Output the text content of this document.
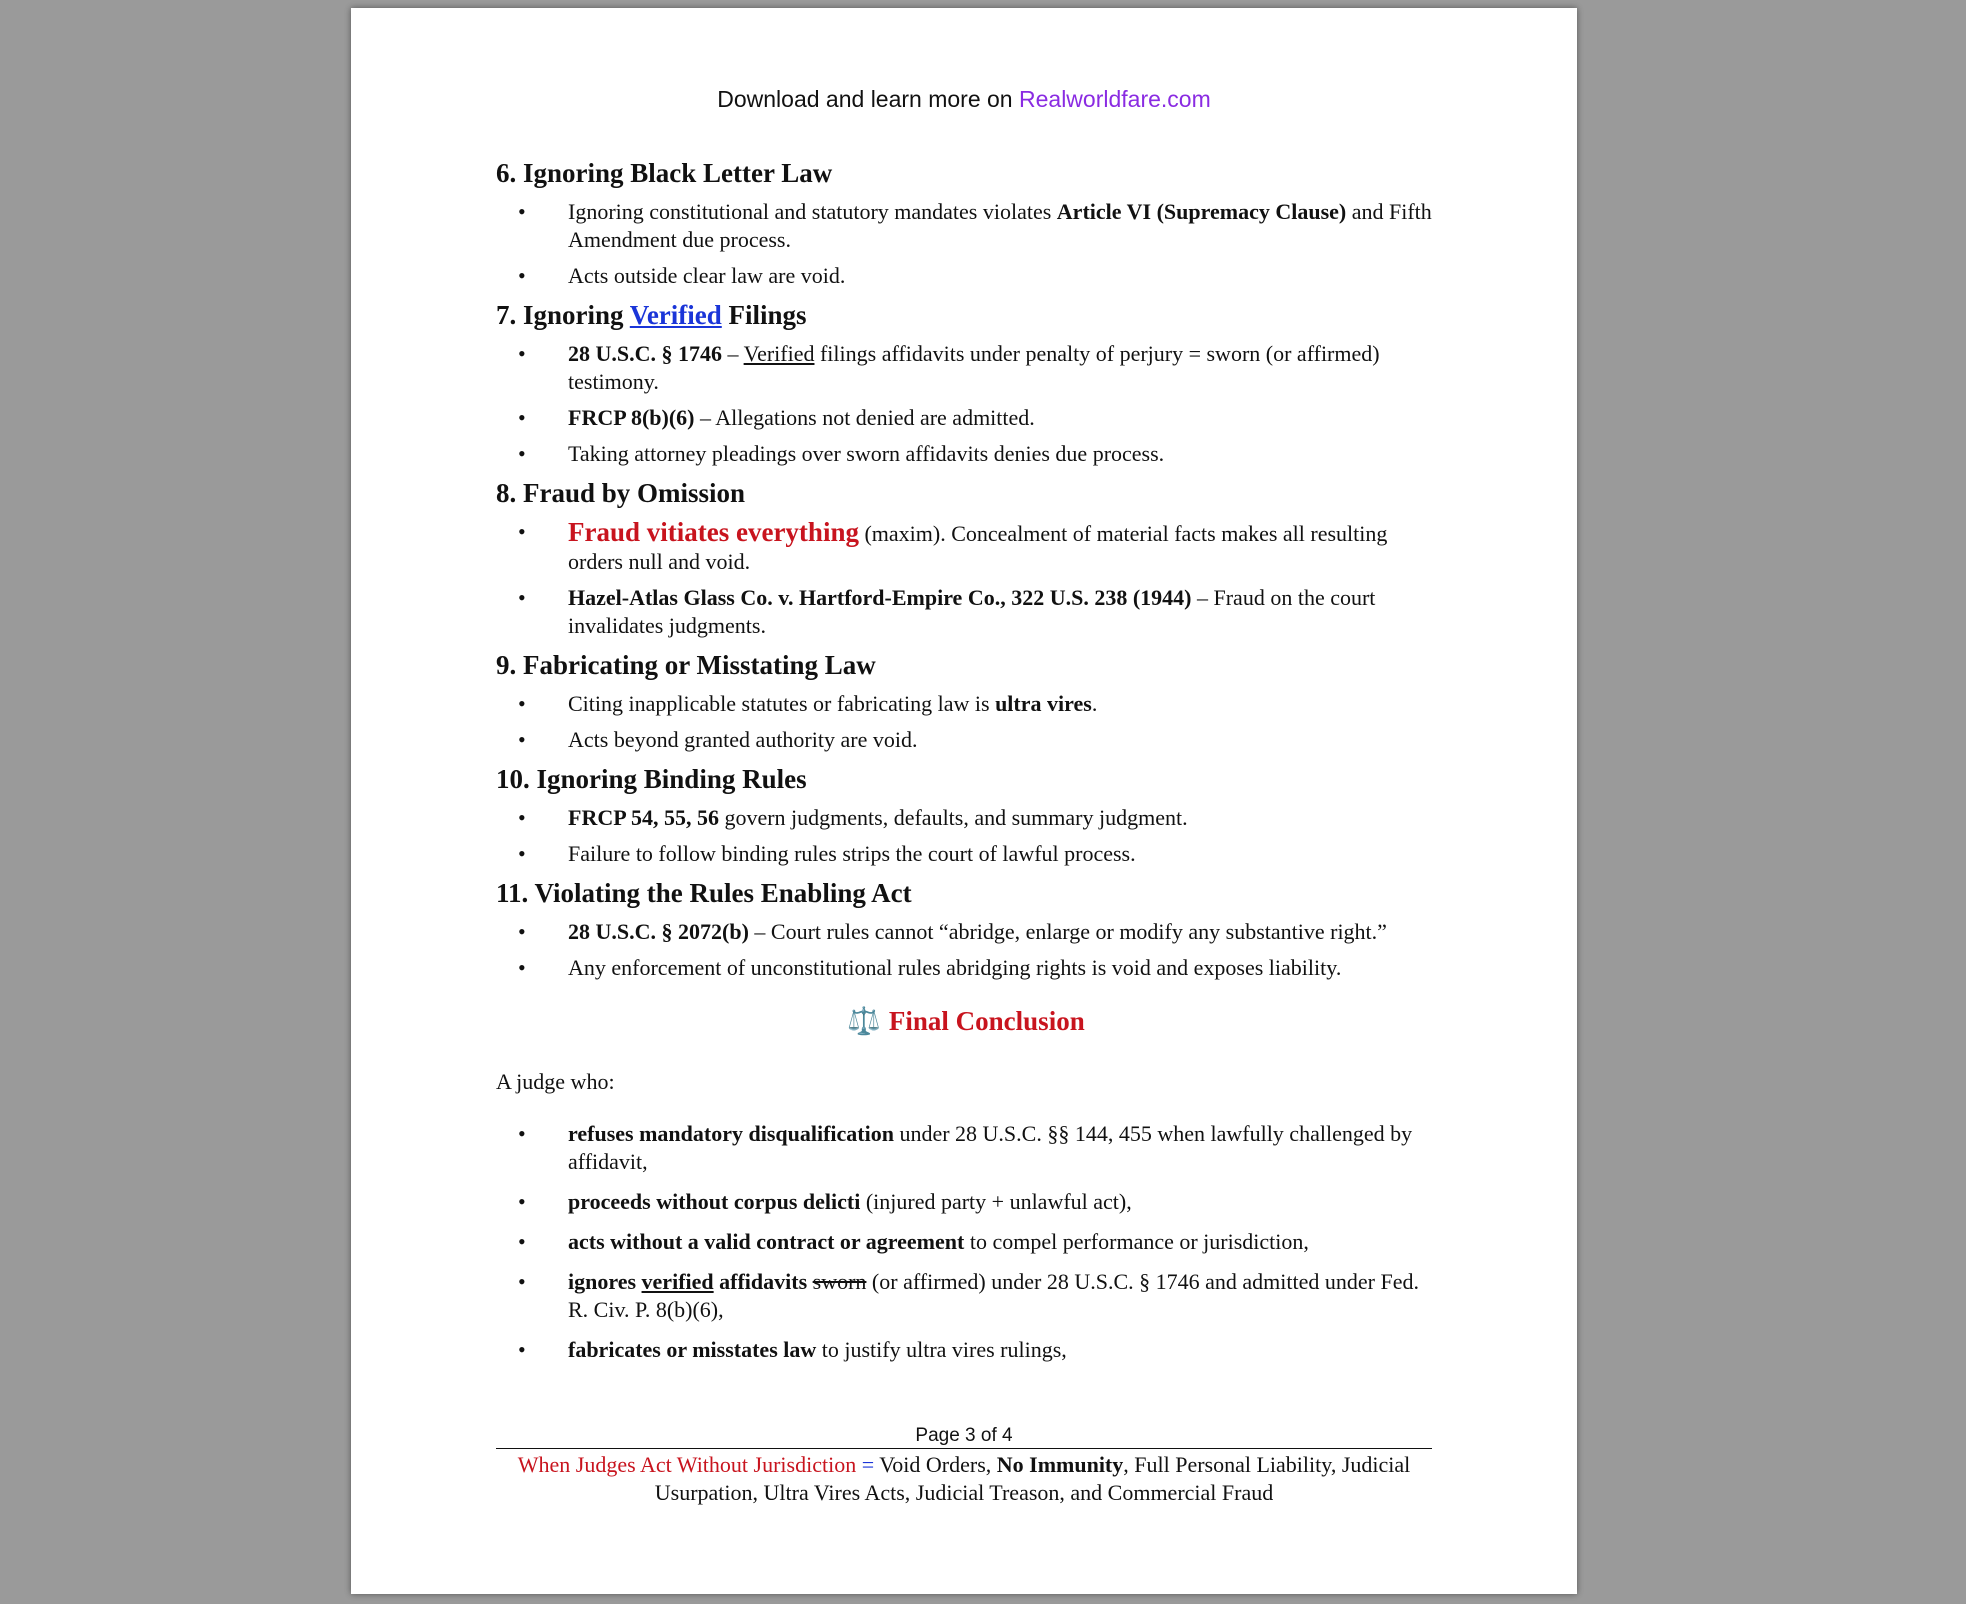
Download and learn more on Realworldfare.com
6. Ignoring Black Letter Law
• Ignoring constitutional and statutory mandates violates Article VI (Supremacy Clause) and Fifth Amendment due process.
• Acts outside clear law are void.
7. Ignoring Verified Filings
• 28 U.S.C. § 1746 – Verified filings affidavits under penalty of perjury = sworn (or affirmed) testimony.
• FRCP 8(b)(6) – Allegations not denied are admitted.
• Taking attorney pleadings over sworn affidavits denies due process.
8. Fraud by Omission
• Fraud vitiates everything (maxim). Concealment of material facts makes all resulting orders null and void.
• Hazel-Atlas Glass Co. v. Hartford-Empire Co., 322 U.S. 238 (1944) – Fraud on the court invalidates judgments.
9. Fabricating or Misstating Law
• Citing inapplicable statutes or fabricating law is ultra vires.
• Acts beyond granted authority are void.
10. Ignoring Binding Rules
• FRCP 54, 55, 56 govern judgments, defaults, and summary judgment.
• Failure to follow binding rules strips the court of lawful process.
11. Violating the Rules Enabling Act
• 28 U.S.C. § 2072(b) – Court rules cannot “abridge, enlarge or modify any substantive right.”
• Any enforcement of unconstitutional rules abridging rights is void and exposes liability.
⚖️ Final Conclusion

A judge who:

• refuses mandatory disqualification under 28 U.S.C. §§ 144, 455 when lawfully challenged by affidavit,
• proceeds without corpus delicti (injured party + unlawful act),
• acts without a valid contract or agreement to compel performance or jurisdiction,
• ignores verified affidavits sworn (or affirmed) under 28 U.S.C. § 1746 and admitted under Fed. R. Civ. P. 8(b)(6),
• fabricates or misstates law to justify ultra vires rulings,
Page 3 of 4
When Judges Act Without Jurisdiction = Void Orders, No Immunity, Full Personal Liability, Judicial Usurpation, Ultra Vires Acts, Judicial Treason, and Commercial Fraud
